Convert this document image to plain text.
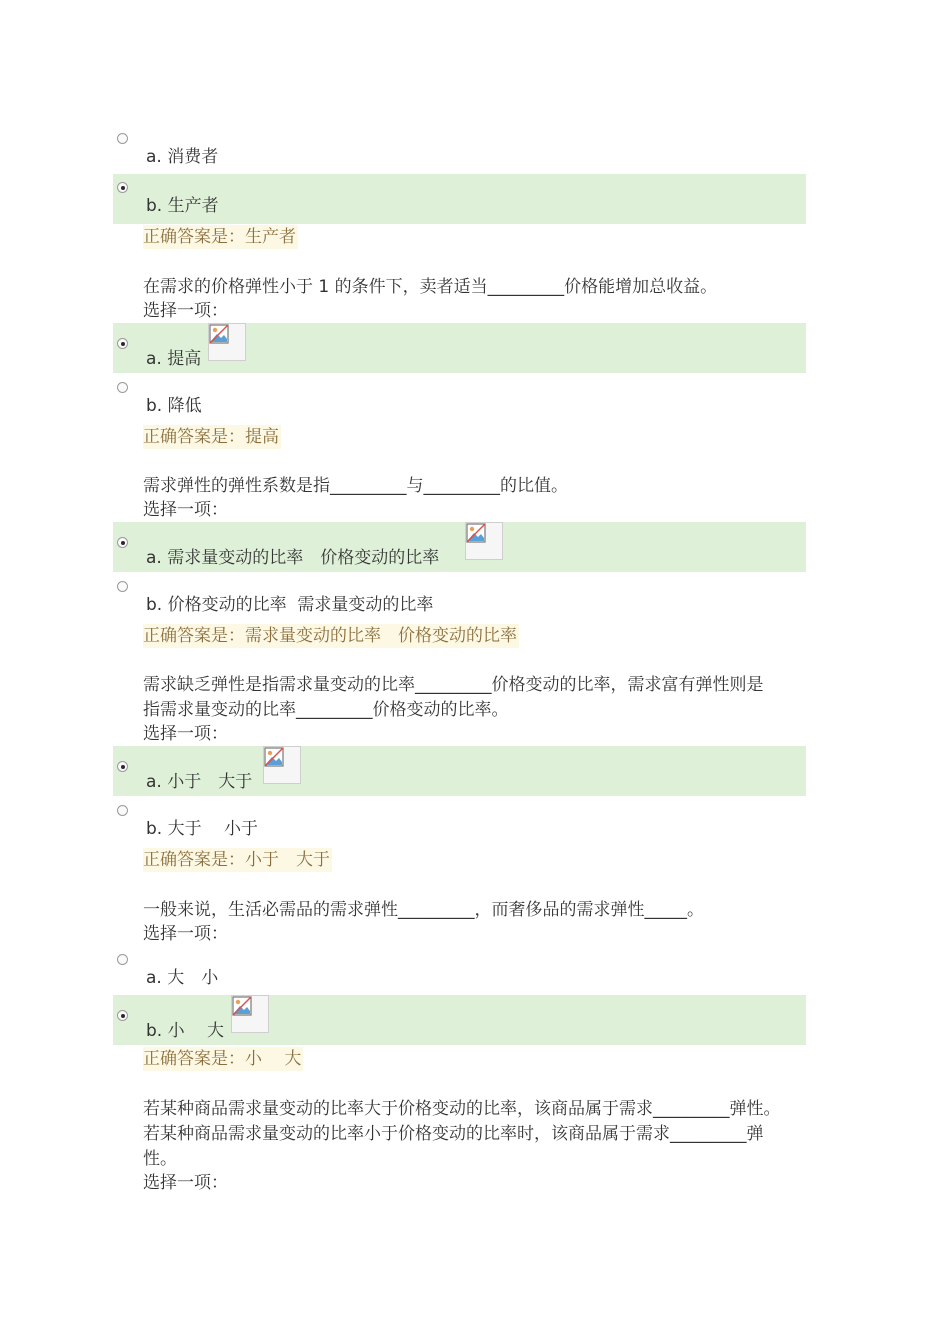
a. 消费者
b. 生产者
正确答案是：生产者
在需求的价格弹性小于 1 的条件下，卖者适当_________价格能增加总收益。
选择一项：
a. 提高
b. 降低
正确答案是：提高
需求弹性的弹性系数是指_________与_________的比值。
选择一项：
a. 需求量变动的比率　价格变动的比率
b. 价格变动的比率  需求量变动的比率
正确答案是：需求量变动的比率　价格变动的比率
需求缺乏弹性是指需求量变动的比率_________价格变动的比率，需求富有弹性则是
指需求量变动的比率_________价格变动的比率。
选择一项：
a. 小于　大于
b. 大于　 小于
正确答案是：小于　大于
一般来说，生活必需品的需求弹性_________，而奢侈品的需求弹性_____。
选择一项：
a. 大　小
b. 小　 大
正确答案是：小　 大
若某种商品需求量变动的比率大于价格变动的比率，该商品属于需求_________弹性。
若某种商品需求量变动的比率小于价格变动的比率时，该商品属于需求_________弹
性。
选择一项：
